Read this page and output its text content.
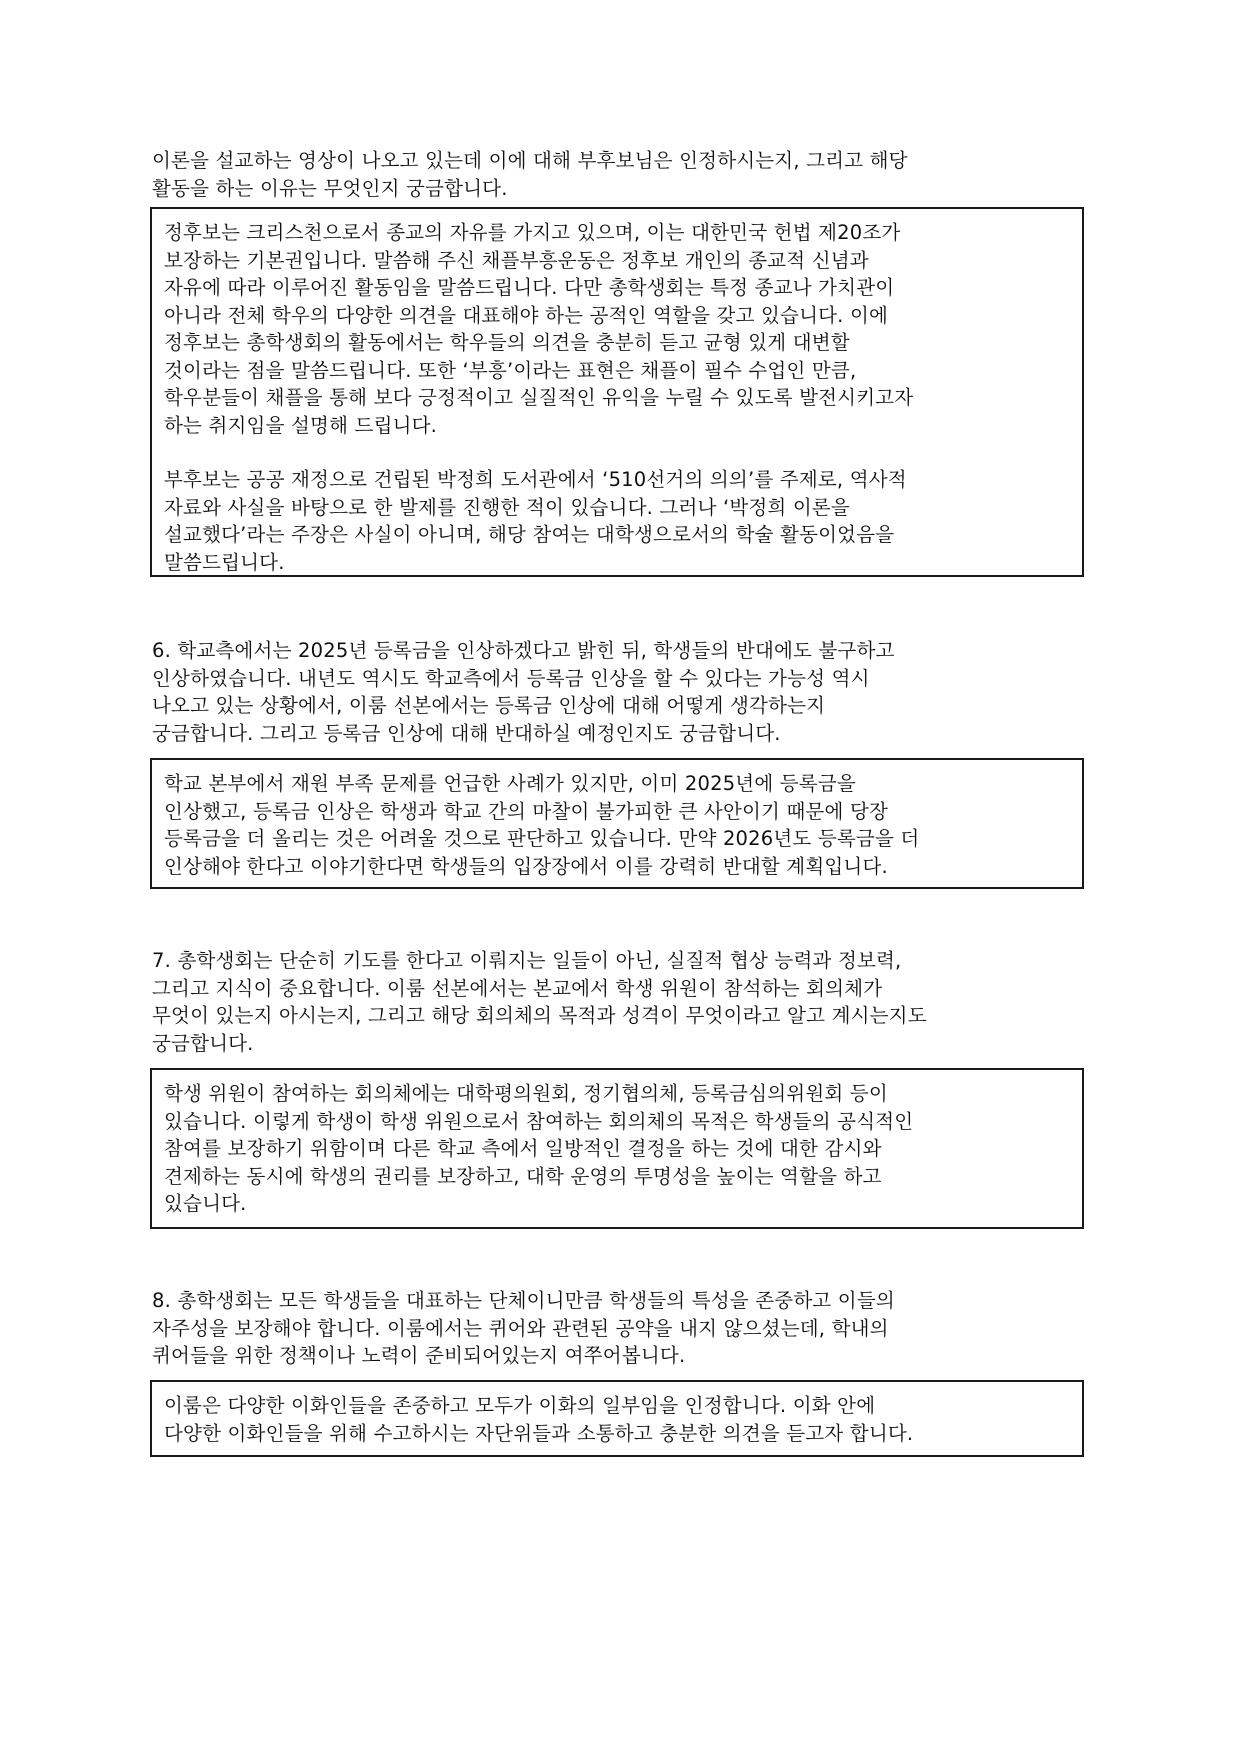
이론을 설교하는 영상이 나오고 있는데 이에 대해 부후보님은 인정하시는지, 그리고 해당
활동을 하는 이유는 무엇인지 궁금합니다.
정후보는 크리스천으로서 종교의 자유를 가지고 있으며, 이는 대한민국 헌법 제20조가
보장하는 기본권입니다. 말씀해 주신 채플부흥운동은 정후보 개인의 종교적 신념과
자유에 따라 이루어진 활동임을 말씀드립니다. 다만 총학생회는 특정 종교나 가치관이
아니라 전체 학우의 다양한 의견을 대표해야 하는 공적인 역할을 갖고 있습니다. 이에
정후보는 총학생회의 활동에서는 학우들의 의견을 충분히 듣고 균형 있게 대변할
것이라는 점을 말씀드립니다. 또한 ‘부흥’이라는 표현은 채플이 필수 수업인 만큼,
학우분들이 채플을 통해 보다 긍정적이고 실질적인 유익을 누릴 수 있도록 발전시키고자
하는 취지임을 설명해 드립니다.
부후보는 공공 재정으로 건립된 박정희 도서관에서 ‘510선거의 의의’를 주제로, 역사적
자료와 사실을 바탕으로 한 발제를 진행한 적이 있습니다. 그러나 ‘박정희 이론을
설교했다’라는 주장은 사실이 아니며, 해당 참여는 대학생으로서의 학술 활동이었음을
말씀드립니다.
6. 학교측에서는 2025년 등록금을 인상하겠다고 밝힌 뒤, 학생들의 반대에도 불구하고
인상하였습니다. 내년도 역시도 학교측에서 등록금 인상을 할 수 있다는 가능성 역시
나오고 있는 상황에서, 이룸 선본에서는 등록금 인상에 대해 어떻게 생각하는지
궁금합니다. 그리고 등록금 인상에 대해 반대하실 예정인지도 궁금합니다.
학교 본부에서 재원 부족 문제를 언급한 사례가 있지만, 이미 2025년에 등록금을
인상했고, 등록금 인상은 학생과 학교 간의 마찰이 불가피한 큰 사안이기 때문에 당장
등록금을 더 올리는 것은 어려울 것으로 판단하고 있습니다. 만약 2026년도 등록금을 더
인상해야 한다고 이야기한다면 학생들의 입장장에서 이를 강력히 반대할 계획입니다.
7. 총학생회는 단순히 기도를 한다고 이뤄지는 일들이 아닌, 실질적 협상 능력과 정보력,
그리고 지식이 중요합니다. 이룸 선본에서는 본교에서 학생 위원이 참석하는 회의체가
무엇이 있는지 아시는지, 그리고 해당 회의체의 목적과 성격이 무엇이라고 알고 계시는지도
궁금합니다.
학생 위원이 참여하는 회의체에는 대학평의원회, 정기협의체, 등록금심의위원회 등이
있습니다. 이렇게 학생이 학생 위원으로서 참여하는 회의체의 목적은 학생들의 공식적인
참여를 보장하기 위함이며 다른 학교 측에서 일방적인 결정을 하는 것에 대한 감시와
견제하는 동시에 학생의 권리를 보장하고, 대학 운영의 투명성을 높이는 역할을 하고
있습니다.
8. 총학생회는 모든 학생들을 대표하는 단체이니만큼 학생들의 특성을 존중하고 이들의
자주성을 보장해야 합니다. 이룸에서는 퀴어와 관련된 공약을 내지 않으셨는데, 학내의
퀴어들을 위한 정책이나 노력이 준비되어있는지 여쭈어봅니다.
이룸은 다양한 이화인들을 존중하고 모두가 이화의 일부임을 인정합니다. 이화 안에
다양한 이화인들을 위해 수고하시는 자단위들과 소통하고 충분한 의견을 듣고자 합니다.
